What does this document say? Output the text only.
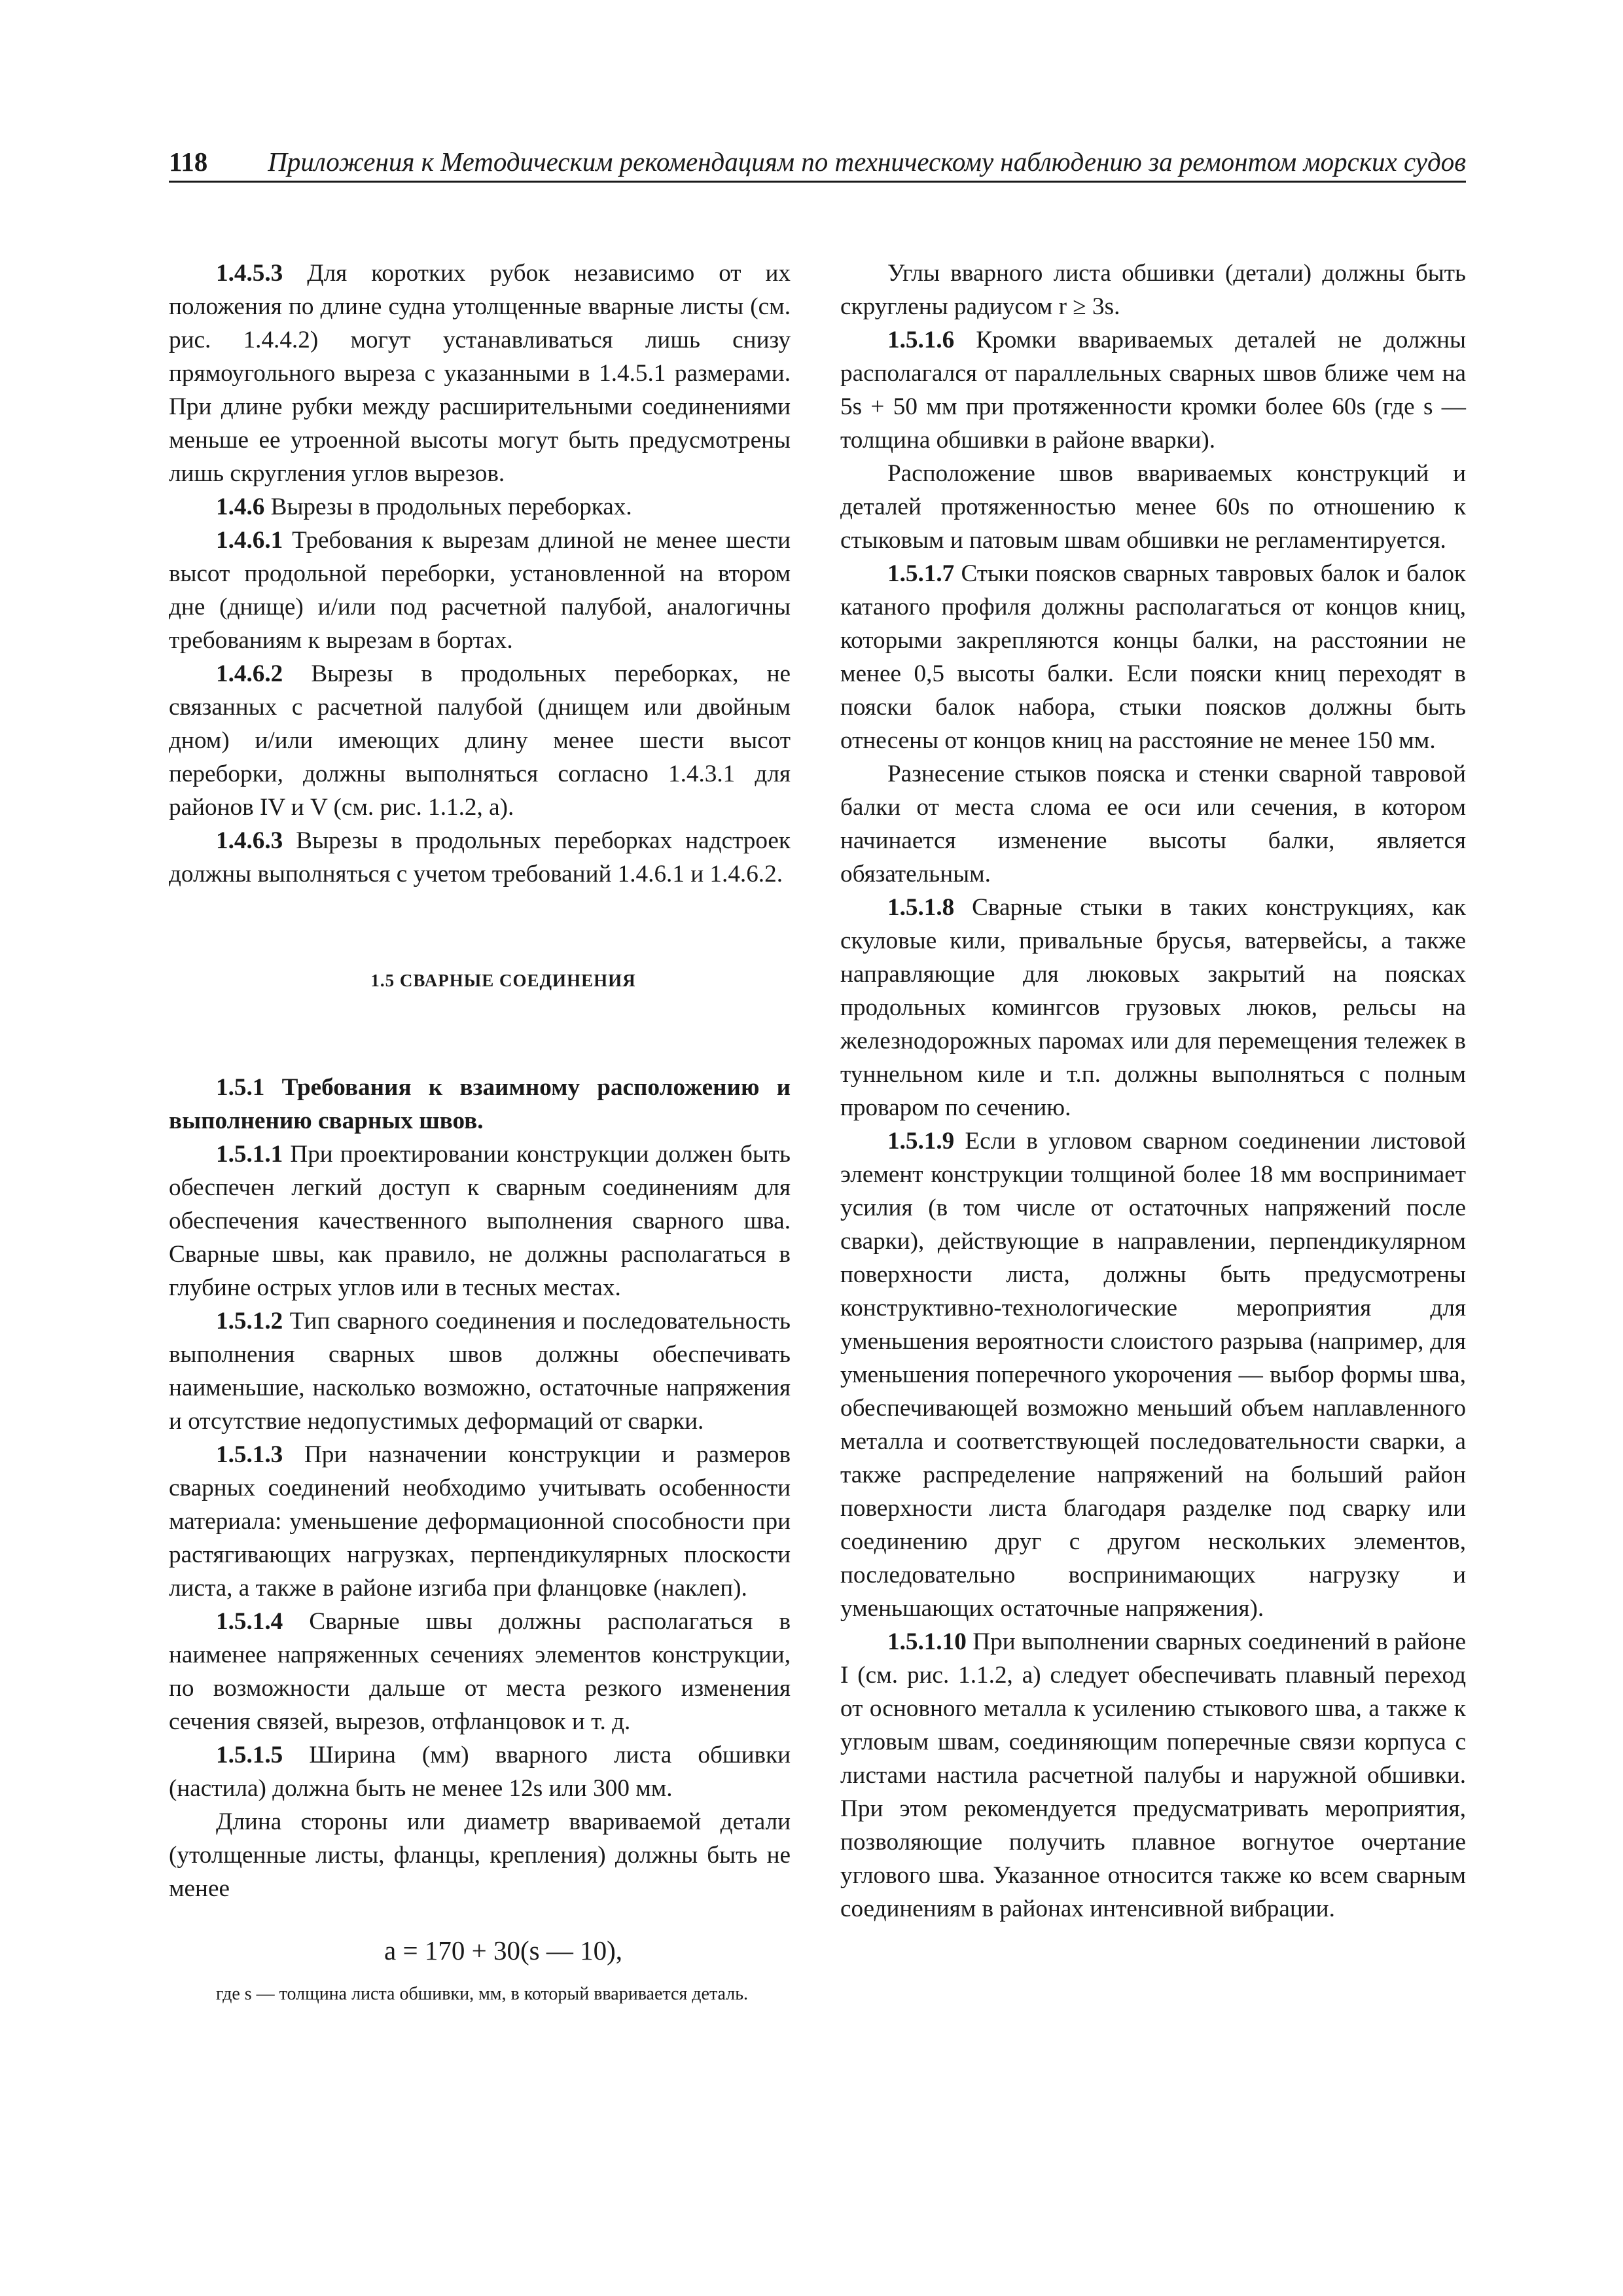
118 Приложения к Методическим рекомендациям по техническому наблюдению за ремонтом морских судов

1.4.5.3 Для коротких рубок независимо от их положения по длине судна утолщенные вварные листы (см. рис. 1.4.4.2) могут устанавливаться лишь снизу прямоугольного выреза с указанными в 1.4.5.1 размерами. При длине рубки между расширительными соединениями меньше ее утроенной высоты могут быть предусмотрены лишь скругления углов вырезов.

1.4.6 Вырезы в продольных переборках.

1.4.6.1 Требования к вырезам длиной не менее шести высот продольной переборки, установленной на втором дне (днище) и/или под расчетной палубой, аналогичны требованиям к вырезам в бортах.

1.4.6.2 Вырезы в продольных переборках, не связанных с расчетной палубой (днищем или двойным дном) и/или имеющих длину менее шести высот переборки, должны выполняться согласно 1.4.3.1 для районов IV и V (см. рис. 1.1.2, а).

1.4.6.3 Вырезы в продольных переборках надстроек должны выполняться с учетом требований 1.4.6.1 и 1.4.6.2.

1.5 СВАРНЫЕ СОЕДИНЕНИЯ

1.5.1 Требования к взаимному расположению и выполнению сварных швов.

1.5.1.1 При проектировании конструкции должен быть обеспечен легкий доступ к сварным соединениям для обеспечения качественного выполнения сварного шва. Сварные швы, как правило, не должны располагаться в глубине острых углов или в тесных местах.

1.5.1.2 Тип сварного соединения и последовательность выполнения сварных швов должны обеспечивать наименьшие, насколько возможно, остаточные напряжения и отсутствие недопустимых деформаций от сварки.

1.5.1.3 При назначении конструкции и размеров сварных соединений необходимо учитывать особенности материала: уменьшение деформационной способности при растягивающих нагрузках, перпендикулярных плоскости листа, а также в районе изгиба при фланцовке (наклеп).

1.5.1.4 Сварные швы должны располагаться в наименее напряженных сечениях элементов конструкции, по возможности дальше от места резкого изменения сечения связей, вырезов, отфланцовок и т. д.

1.5.1.5 Ширина (мм) вварного листа обшивки (настила) должна быть не менее 12s или 300 мм.

Длина стороны или диаметр ввариваемой детали (утолщенные листы, фланцы, крепления) должны быть не менее

a = 170 + 30(s — 10),

где s — толщина листа обшивки, мм, в который вваривается деталь.

Углы вварного листа обшивки (детали) должны быть скруглены радиусом r ≥ 3s.

1.5.1.6 Кромки ввариваемых деталей не должны располагался от параллельных сварных швов ближе чем на 5s + 50 мм при протяженности кромки более 60s (где s — толщина обшивки в районе вварки).

Расположение швов ввариваемых конструкций и деталей протяженностью менее 60s по отношению к стыковым и патовым швам обшивки не регламентируется.

1.5.1.7 Стыки поясков сварных тавровых балок и балок катаного профиля должны располагаться от концов книц, которыми закрепляются концы балки, на расстоянии не менее 0,5 высоты балки. Если пояски книц переходят в пояски балок набора, стыки поясков должны быть отнесены от концов книц на расстояние не менее 150 мм.

Разнесение стыков пояска и стенки сварной тавровой балки от места слома ее оси или сечения, в котором начинается изменение высоты балки, является обязательным.

1.5.1.8 Сварные стыки в таких конструкциях, как скуловые кили, привальные брусья, ватервейсы, а также направляющие для люковых закрытий на поясках продольных комингсов грузовых люков, рельсы на железнодорожных паромах или для перемещения тележек в туннельном киле и т.п. должны выполняться с полным проваром по сечению.

1.5.1.9 Если в угловом сварном соединении листовой элемент конструкции толщиной более 18 мм воспринимает усилия (в том числе от остаточных напряжений после сварки), действующие в направлении, перпендикулярном поверхности листа, должны быть предусмотрены конструктивно-технологические мероприятия для уменьшения вероятности слоистого разрыва (например, для уменьшения поперечного укорочения — выбор формы шва, обеспечивающей возможно меньший объем наплавленного металла и соответствующей последовательности сварки, а также распределение напряжений на больший район поверхности листа благодаря разделке под сварку или соединению друг с другом нескольких элементов, последовательно воспринимающих нагрузку и уменьшающих остаточные напряжения).

1.5.1.10 При выполнении сварных соединений в районе I (см. рис. 1.1.2, а) следует обеспечивать плавный переход от основного металла к усилению стыкового шва, а также к угловым швам, соединяющим поперечные связи корпуса с листами настила расчетной палубы и наружной обшивки. При этом рекомендуется предусматривать мероприятия, позволяющие получить плавное вогнутое очертание углового шва. Указанное относится также ко всем сварным соединениям в районах интенсивной вибрации.
